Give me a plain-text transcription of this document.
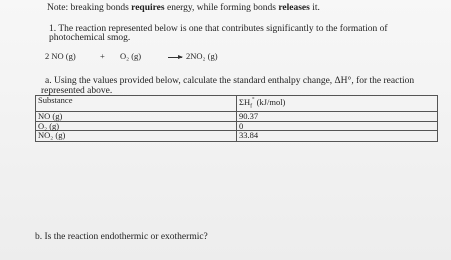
Note: breaking bonds requires energy, while forming bonds releases it.
1. The reaction represented below is one that contributes significantly to the formation of
photochemical smog.
2 NO (g)	+ O₂ (g) → 2NO₂ (g)
a. Using the values provided below, calculate the standard enthalpy change, ΔH°, for the reaction
represented above.
Substance	$\Sigma H_f^\circ$ (kJ/mol)
NO (g)	90.37
O₂ (g)	0
NO₂ (g)	33.84
b. Is the reaction endothermic or exothermic?
